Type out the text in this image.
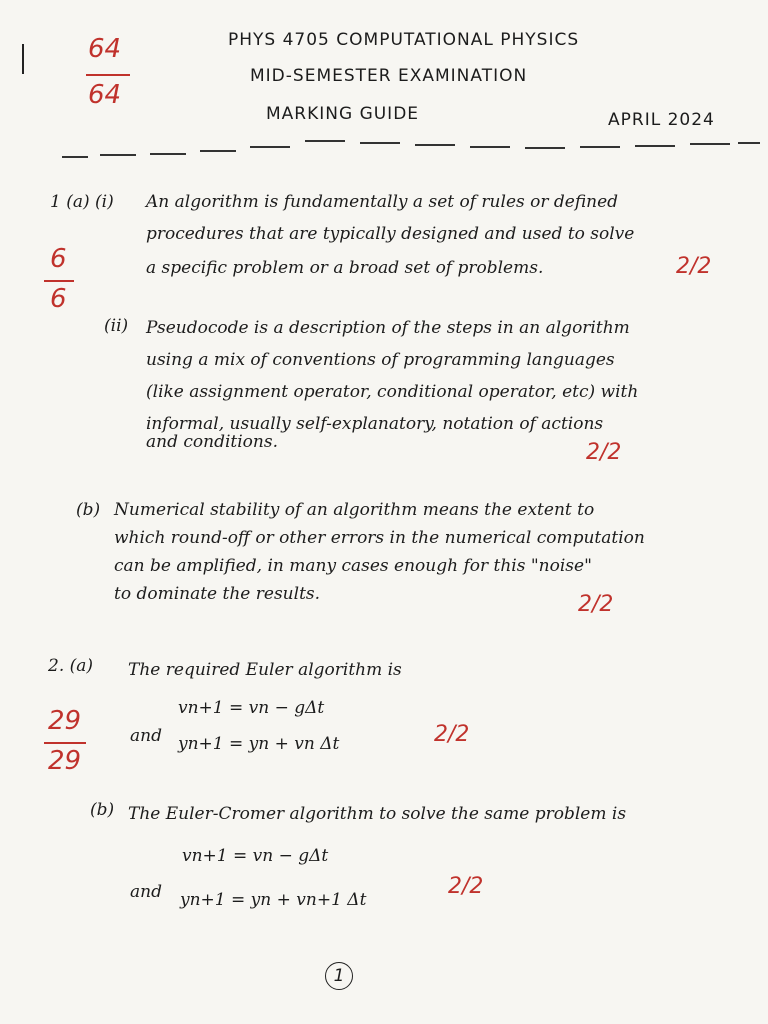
PHYS 4705 COMPUTATIONAL PHYSICS
MID-SEMESTER EXAMINATION
MARKING GUIDE	APRIL 2024
64
64
6
6
1 (a) (i) An algorithm is fundamentally a set of rules or defined
procedures that are typically designed and used to solve
a specific problem or a broad set of problems.	2/2
(ii) Pseudocode is a description of the steps in an algorithm
using a mix of conventions of programming languages
(like assignment operator, conditional operator, etc) with
informal, usually self-explanatory, notation of actions
and conditions.	2/2
(b) Numerical stability of an algorithm means the extent to
which round-off or other errors in the numerical computation
can be amplified, in many cases enough for this "noise"
to dominate the results.	2/2
29
29
2. (a) The required Euler algorithm is
vn+1 = vn − gΔt
and yn+1 = yn + vn Δt	2/2
(b) The Euler-Cromer algorithm to solve the same problem is
vn+1 = vn − gΔt
and yn+1 = yn + vn+1 Δt
2/2
1
